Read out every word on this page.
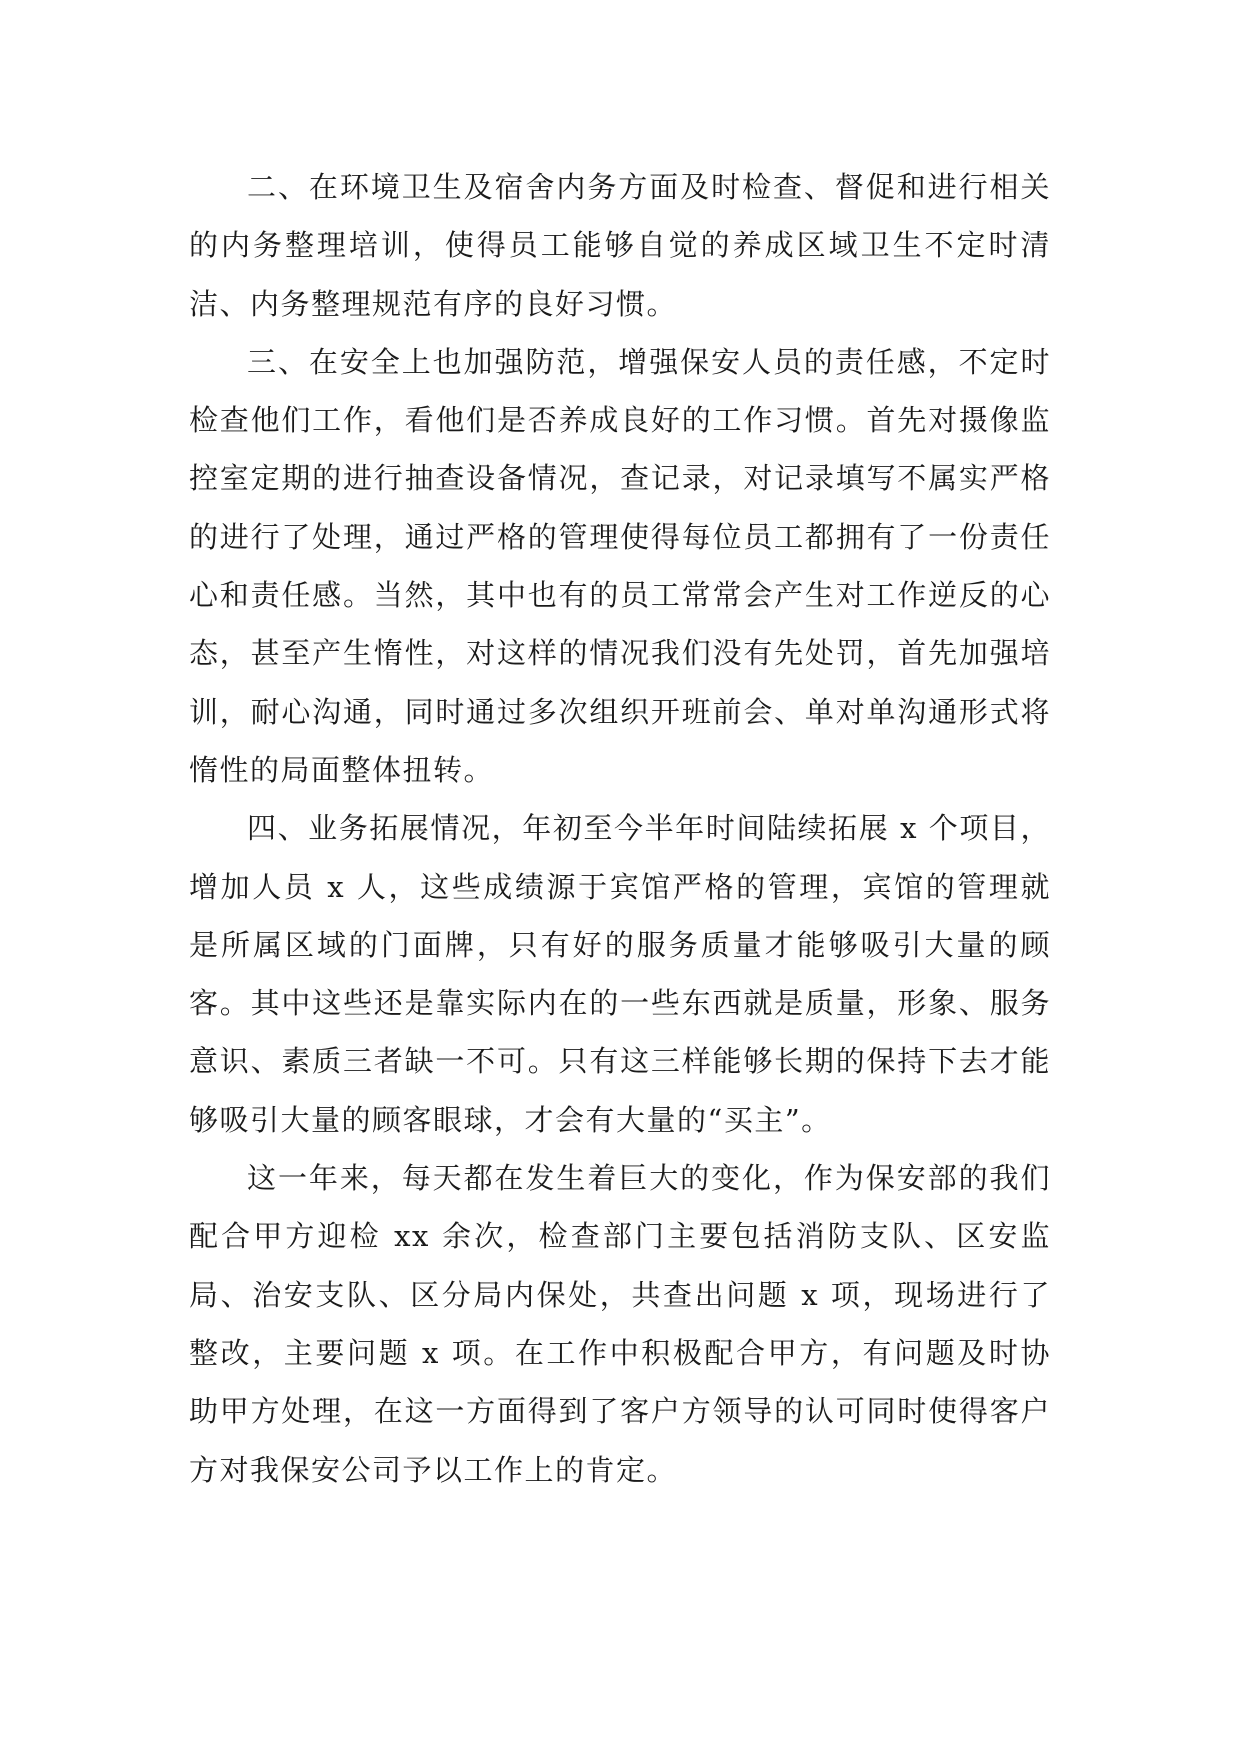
二、在环境卫生及宿舍内务方面及时检查、督促和进行相关的内务整理培训，使得员工能够自觉的养成区域卫生不定时清洁、内务整理规范有序的良好习惯。

三、在安全上也加强防范，增强保安人员的责任感，不定时检查他们工作，看他们是否养成良好的工作习惯。首先对摄像监控室定期的进行抽查设备情况，查记录，对记录填写不属实严格的进行了处理，通过严格的管理使得每位员工都拥有了一份责任心和责任感。当然，其中也有的员工常常会产生对工作逆反的心态，甚至产生惰性，对这样的情况我们没有先处罚，首先加强培训，耐心沟通，同时通过多次组织开班前会、单对单沟通形式将惰性的局面整体扭转。

四、业务拓展情况，年初至今半年时间陆续拓展 x 个项目，增加人员 x 人，这些成绩源于宾馆严格的管理，宾馆的管理就是所属区域的门面牌，只有好的服务质量才能够吸引大量的顾客。其中这些还是靠实际内在的一些东西就是质量，形象、服务意识、素质三者缺一不可。只有这三样能够长期的保持下去才能够吸引大量的顾客眼球，才会有大量的“买主”。

这一年来，每天都在发生着巨大的变化，作为保安部的我们配合甲方迎检 xx 余次，检查部门主要包括消防支队、区安监局、治安支队、区分局内保处，共查出问题 x 项，现场进行了整改，主要问题 x 项。在工作中积极配合甲方，有问题及时协助甲方处理，在这一方面得到了客户方领导的认可同时使得客户方对我保安公司予以工作上的肯定。
